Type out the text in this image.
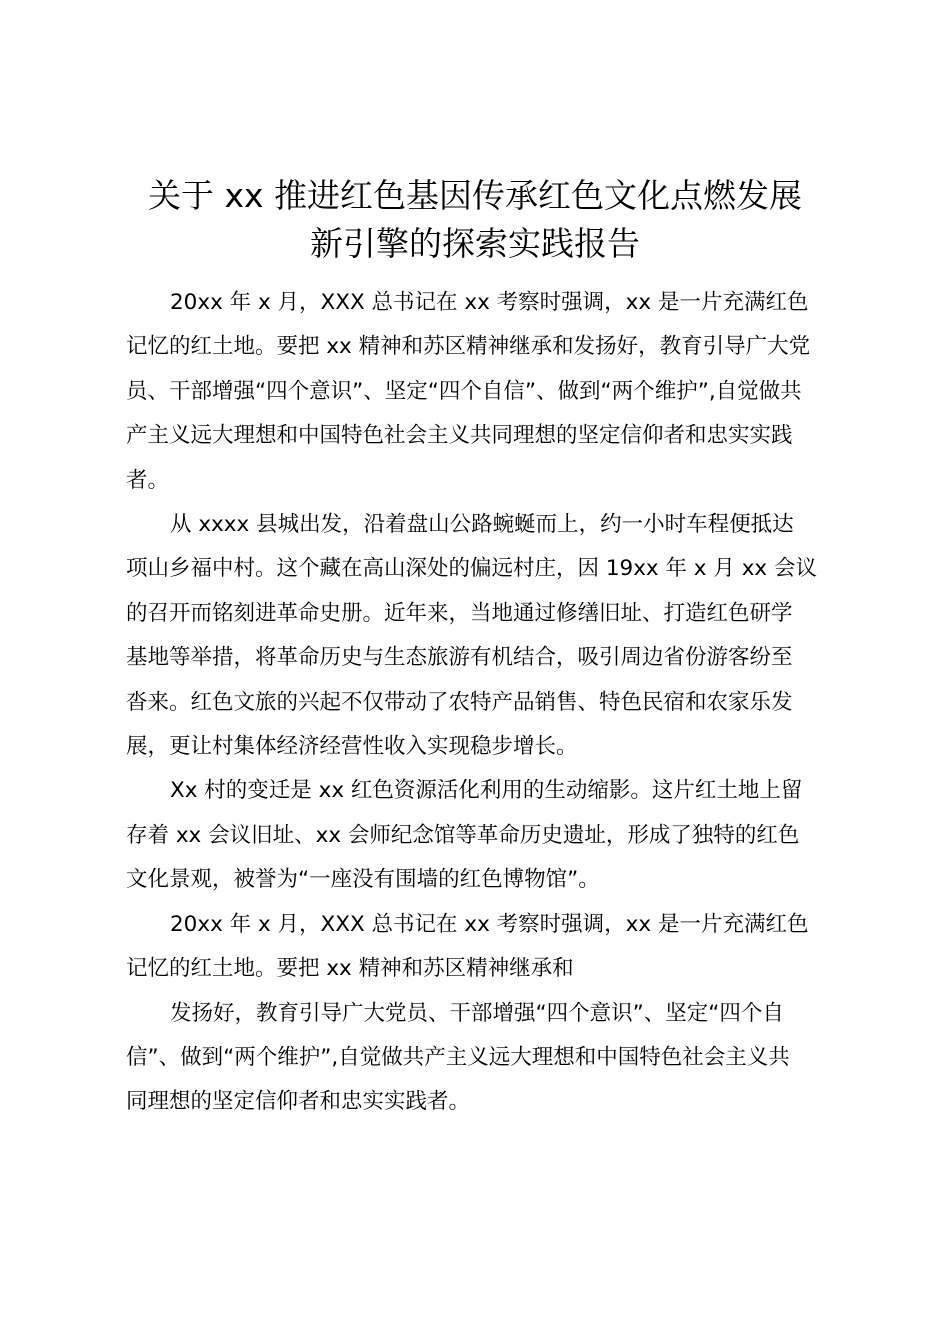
关于 xx 推进红色基因传承红色文化点燃发展
新引擎的探索实践报告

20xx 年 x 月，XXX 总书记在 xx 考察时强调，xx 是一片充满红色
记忆的红土地。要把 xx 精神和苏区精神继承和发扬好，教育引导广大党
员、干部增强“四个意识”、坚定“四个自信”、做到“两个维护”,自觉做共
产主义远大理想和中国特色社会主义共同理想的坚定信仰者和忠实实践
者。

从 xxxx 县城出发，沿着盘山公路蜿蜒而上，约一小时车程便抵达
项山乡福中村。这个藏在高山深处的偏远村庄，因 19xx 年 x 月 xx 会议
的召开而铭刻进革命史册。近年来，当地通过修缮旧址、打造红色研学
基地等举措，将革命历史与生态旅游有机结合，吸引周边省份游客纷至
沓来。红色文旅的兴起不仅带动了农特产品销售、特色民宿和农家乐发
展，更让村集体经济经营性收入实现稳步增长。

Xx 村的变迁是 xx 红色资源活化利用的生动缩影。这片红土地上留
存着 xx 会议旧址、xx 会师纪念馆等革命历史遗址，形成了独特的红色
文化景观，被誉为“一座没有围墙的红色博物馆”。

20xx 年 x 月，XXX 总书记在 xx 考察时强调，xx 是一片充满红色
记忆的红土地。要把 xx 精神和苏区精神继承和

发扬好，教育引导广大党员、干部增强“四个意识”、坚定“四个自
信”、做到“两个维护”,自觉做共产主义远大理想和中国特色社会主义共
同理想的坚定信仰者和忠实实践者。
